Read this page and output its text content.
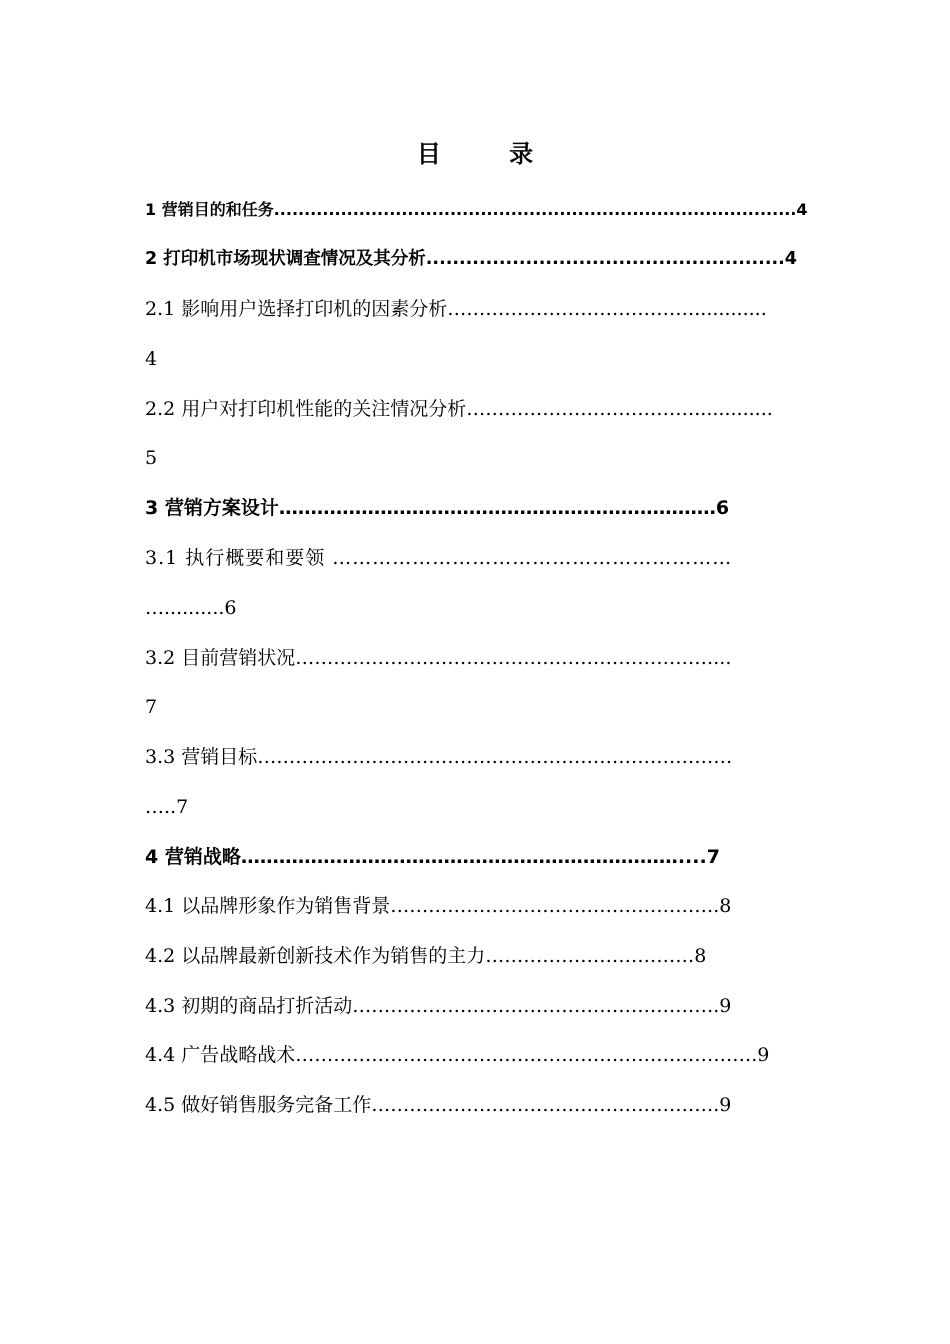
目 录
1 营销目的和任务......................................................................................4
2 打印机市场现状调查情况及其分析......................................................4
2.1 影响用户选择打印机的因素分析…………………………………............
4
2.2 用户对打印机性能的关注情况分析……………………………….............
5
3 营销方案设计……………………………………………………………6
3.1 执行概要和要领 ……………………………………………………
…..........6
3.2 目前营销状况…………………………………………………………...
7
3.3 营销目标…………………………………………………………………
…..7
4 营销战略……………………………………………………………....7
4.1 以品牌形象作为销售背景…………………………………………….8
4.2 以品牌最新创新技术作为销售的主力……………………………8
4.3 初期的商品打折活动………………………………………………….9
4.4 广告战略战术……………………………………………………………….9
4.5 做好销售服务完备工作……………………………………………….9
